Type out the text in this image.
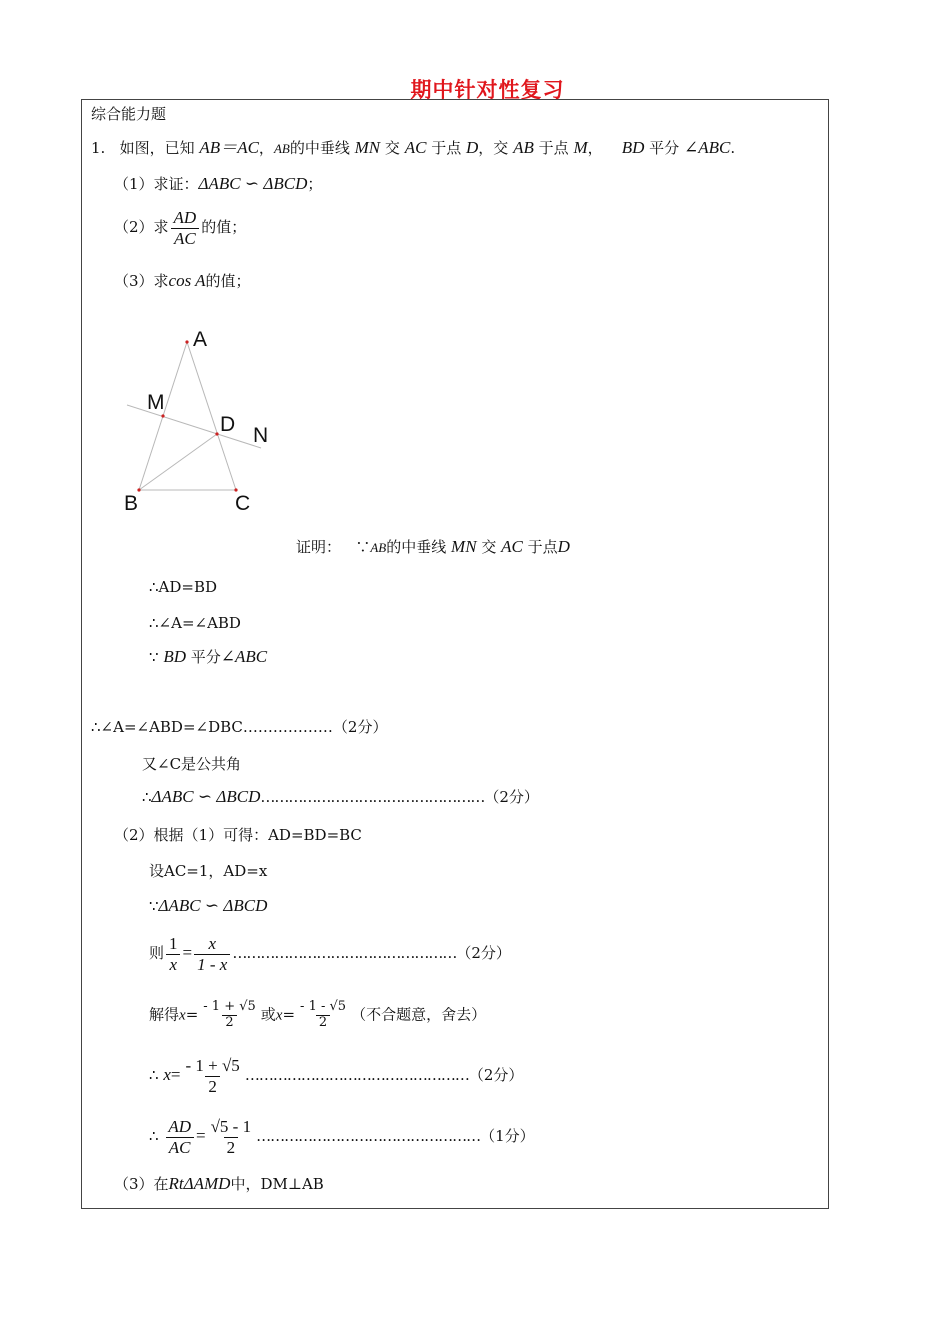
期中针对性复习
综合能力题
1. 如图，已知 AB＝AC，AB的中垂线 MN 交 AC 于点 D，交 AB 于点 M， BD 平分 ∠ABC.
（1）求证：ΔABC ∽ ΔBCD；
（2）求 $\frac{AD}{AC}$ 的值；
（3）求cos A的值；
A
M
D N
B	C
证明： ∵AB的中垂线 MN 交 AC 于点D
∴AD=BD
∴∠A=∠ABD
∵ BD 平分∠ABC
∴∠A=∠ABD=∠DBC………………（2分）
又∠C是公共角
∴ΔABC ∽ ΔBCD…………………………………………（2分）
（2）根据（1）可得：AD=BD=BC
设AC=1，AD=x
∵ΔABC ∽ ΔBCD
则 $\frac{1}{x} = \frac{x}{1 - x}$ …………………………………………（2分）
解得$x= \frac{- 1 + √5}{2}$ 或$x= \frac{- 1 - √5}{2}$ （不合题意，舍去）
∴ $x= \frac{- 1 + √5}{2}$ …………………………………………（2分）
∴ $\frac{AD}{AC} = \frac{√5 - 1}{2}$ …………………………………………（1分）
（3）在RtΔAMD中，DM⊥AB
